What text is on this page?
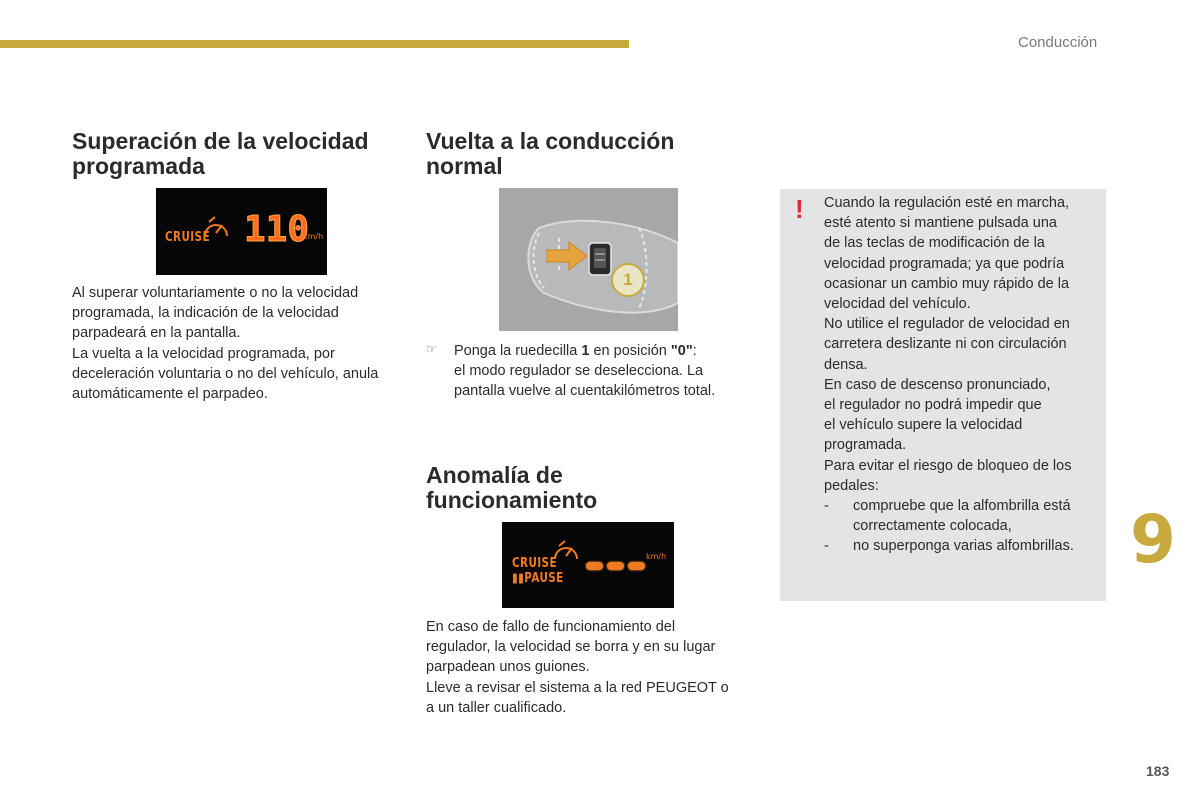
Conducción
Superación de la velocidad
programada
CRUISE 110
km/h
Al superar voluntariamente o no la velocidad
programada, la indicación de la velocidad
parpadeará en la pantalla.
La vuelta a la velocidad programada, por
deceleración voluntaria o no del vehículo, anula
automáticamente el parpadeo.
Vuelta a la conducción
normal
1
☞ Ponga la ruedecilla 1 en posición "0":
el modo regulador se deselecciona. La
pantalla vuelve al cuentakilómetros total.
Anomalía de
funcionamiento
CRUISE
▮▮PAUSE
km/h
En caso de fallo de funcionamiento del
regulador, la velocidad se borra y en su lugar
parpadean unos guiones.
Lleve a revisar el sistema a la red PEUGEOT o
a un taller cualificado.
! Cuando la regulación esté en marcha,
esté atento si mantiene pulsada una
de las teclas de modificación de la
velocidad programada; ya que podría
ocasionar un cambio muy rápido de la
velocidad del vehículo.
No utilice el regulador de velocidad en
carretera deslizante ni con circulación
densa.
En caso de descenso pronunciado,
el regulador no podrá impedir que
el vehículo supere la velocidad
programada.
Para evitar el riesgo de bloqueo de los
pedales:
- compruebe que la alfombrilla está
correctamente colocada,
- no superponga varias alfombrillas. 9
183
